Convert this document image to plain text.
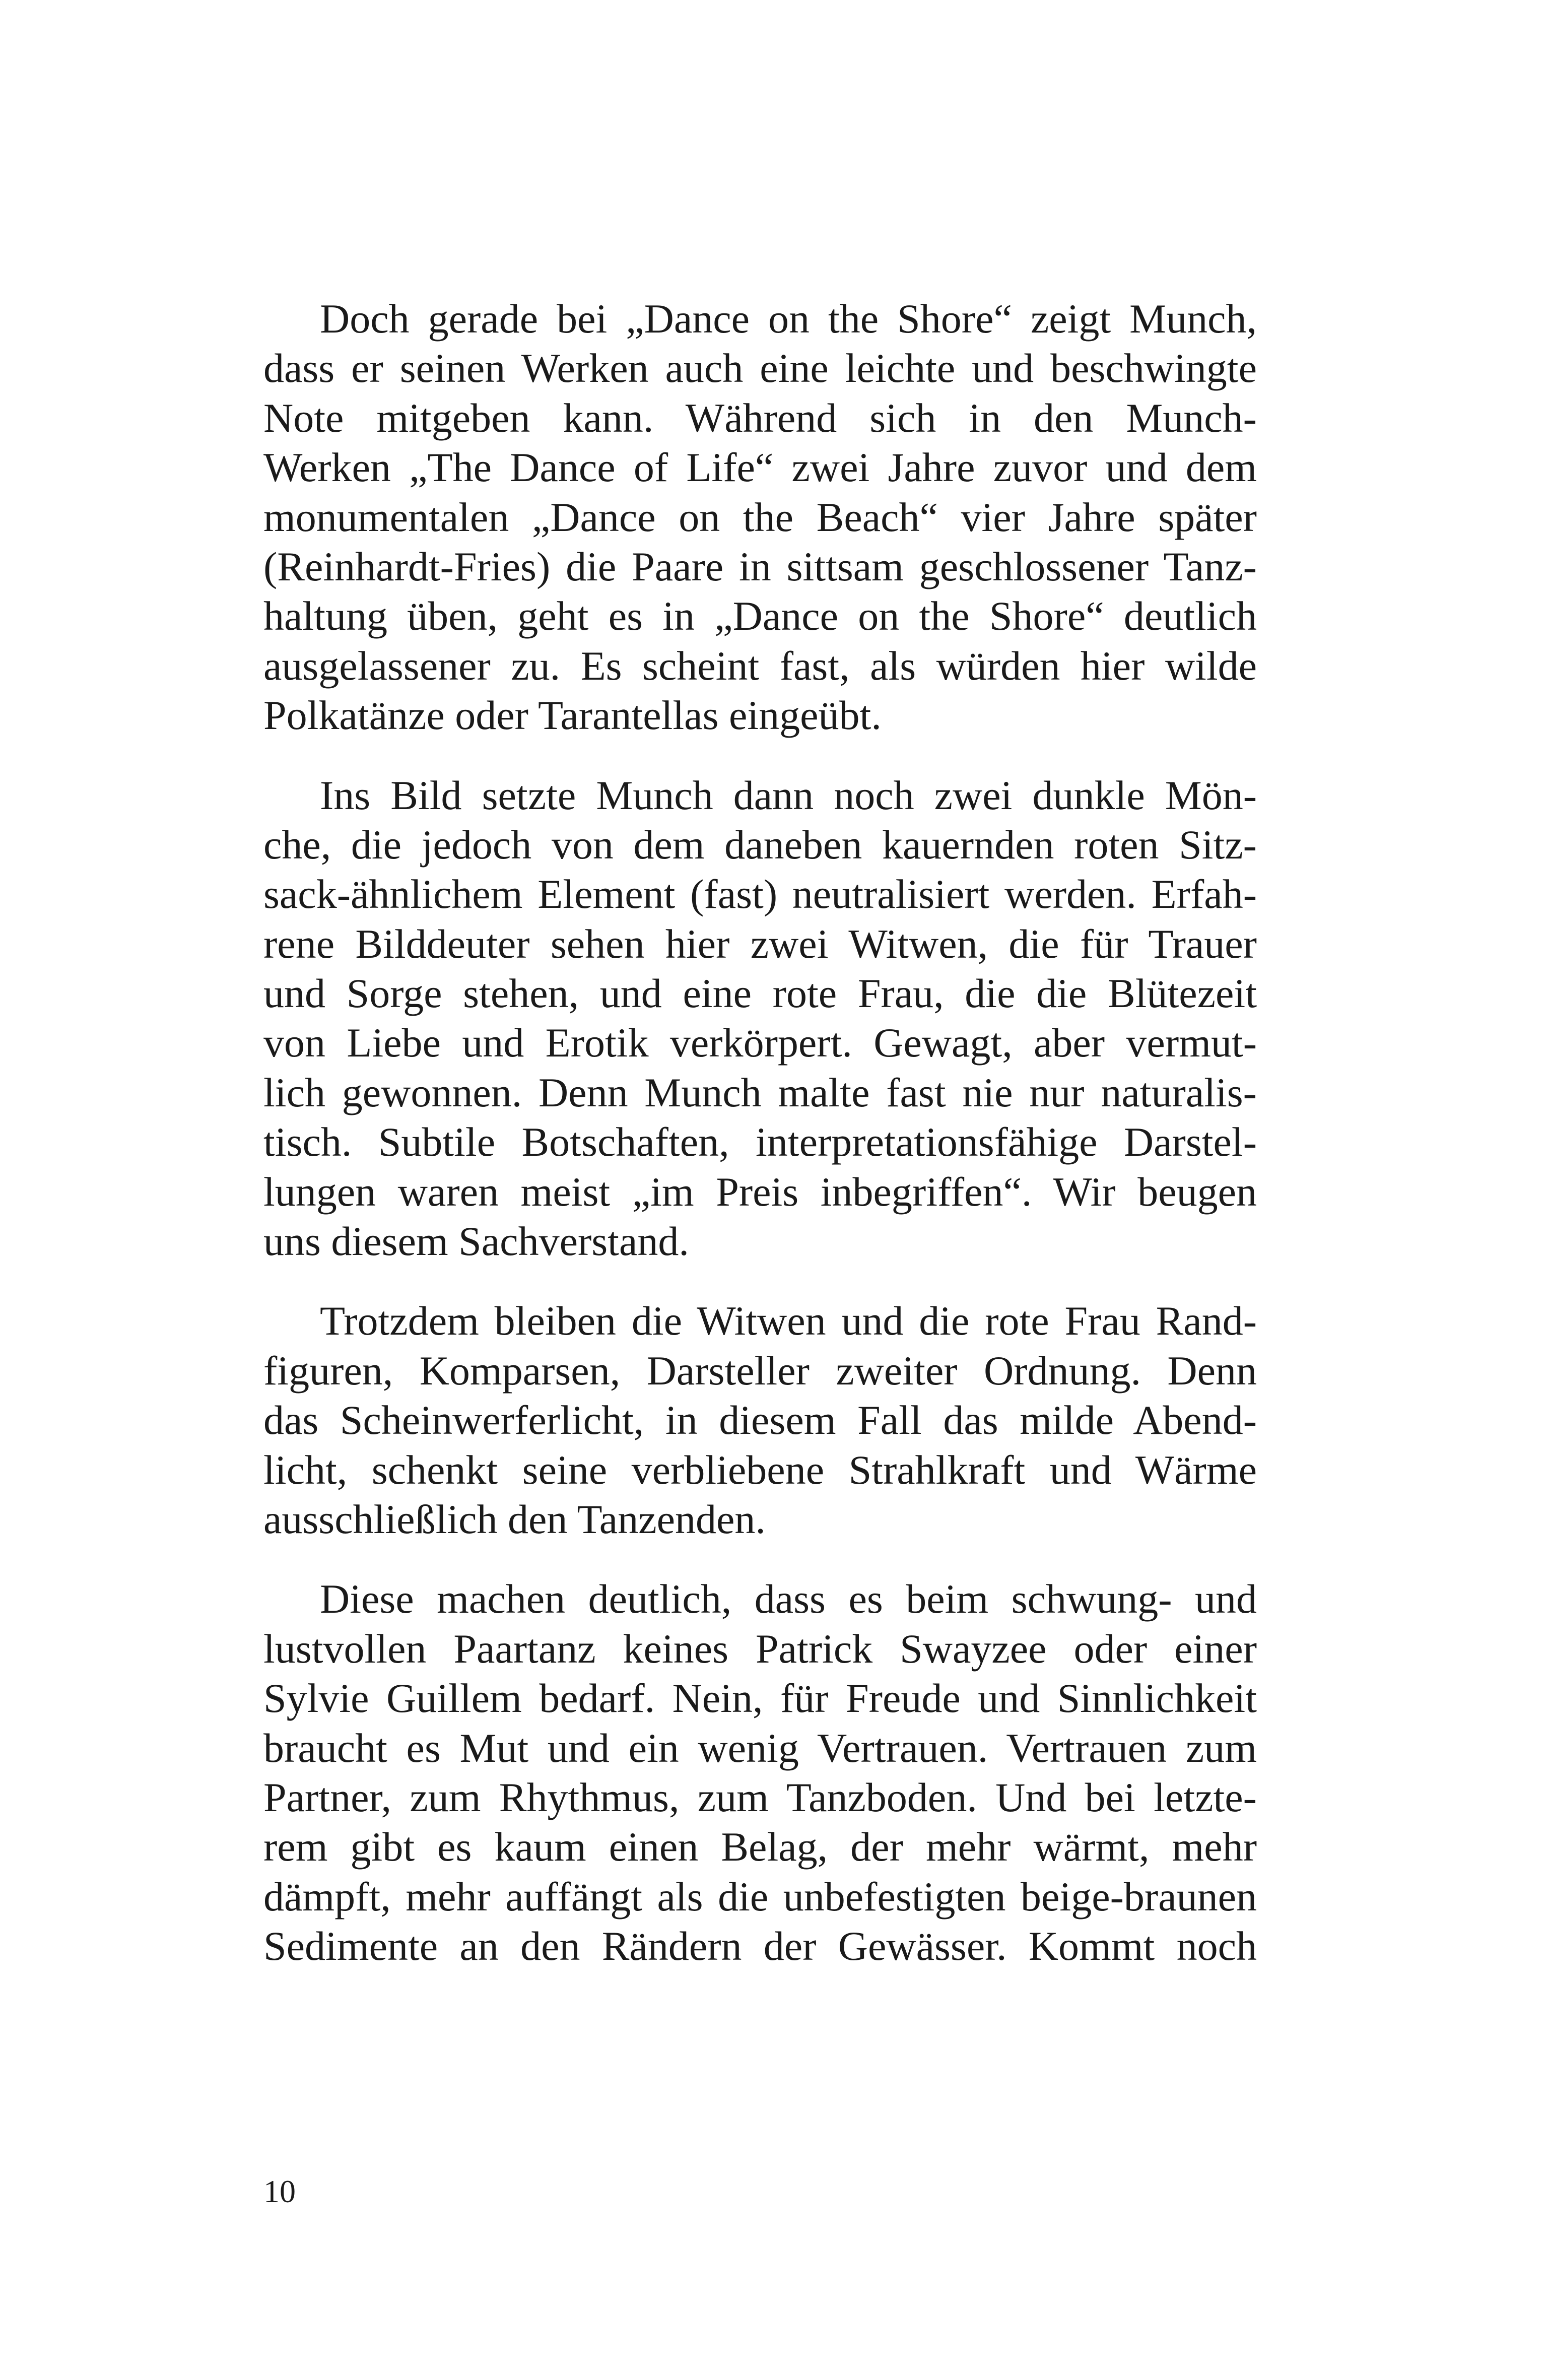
Doch gerade bei „Dance on the Shore“ zeigt Munch,
dass er seinen Werken auch eine leichte und beschwingte
Note mitgeben kann. Während sich in den Munch-
Werken „The Dance of Life“ zwei Jahre zuvor und dem
monumentalen „Dance on the Beach“ vier Jahre später
(Reinhardt-Fries) die Paare in sittsam geschlossener Tanz-
haltung üben, geht es in „Dance on the Shore“ deutlich
ausgelassener zu. Es scheint fast, als würden hier wilde
Polkatänze oder Tarantellas eingeübt.
Ins Bild setzte Munch dann noch zwei dunkle Mön-
che, die jedoch von dem daneben kauernden roten Sitz-
sack-ähnlichem Element (fast) neutralisiert werden. Erfah-
rene Bilddeuter sehen hier zwei Witwen, die für Trauer
und Sorge stehen, und eine rote Frau, die die Blütezeit
von Liebe und Erotik verkörpert. Gewagt, aber vermut-
lich gewonnen. Denn Munch malte fast nie nur naturalis-
tisch. Subtile Botschaften, interpretationsfähige Darstel-
lungen waren meist „im Preis inbegriffen“. Wir beugen
uns diesem Sachverstand.
Trotzdem bleiben die Witwen und die rote Frau Rand-
figuren, Komparsen, Darsteller zweiter Ordnung. Denn
das Scheinwerferlicht, in diesem Fall das milde Abend-
licht, schenkt seine verbliebene Strahlkraft und Wärme
ausschließlich den Tanzenden.
Diese machen deutlich, dass es beim schwung- und
lustvollen Paartanz keines Patrick Swayzee oder einer
Sylvie Guillem bedarf. Nein, für Freude und Sinnlichkeit
braucht es Mut und ein wenig Vertrauen. Vertrauen zum
Partner, zum Rhythmus, zum Tanzboden. Und bei letzte-
rem gibt es kaum einen Belag, der mehr wärmt, mehr
dämpft, mehr auffängt als die unbefestigten beige-braunen
Sedimente an den Rändern der Gewässer. Kommt noch
10
